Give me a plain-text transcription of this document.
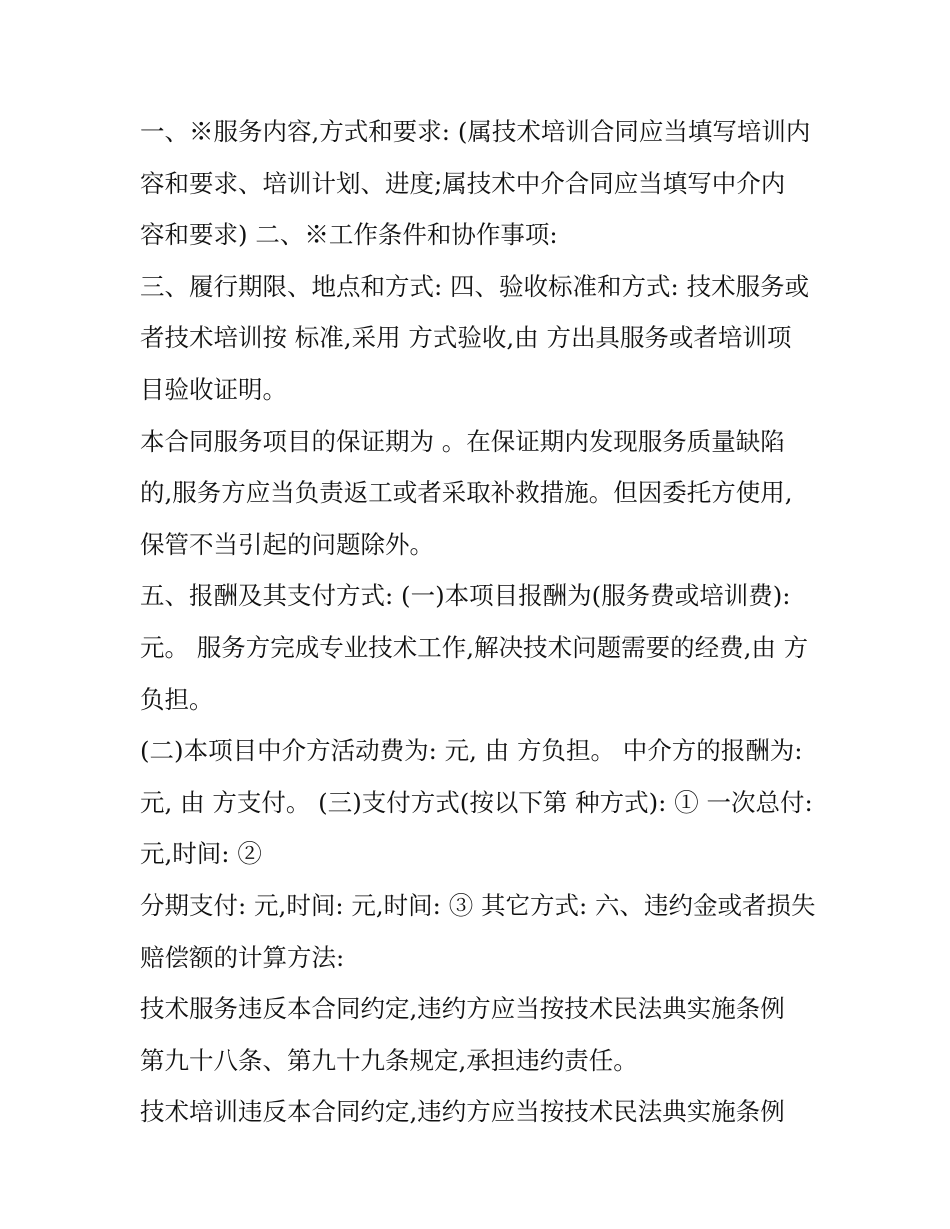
一、※服务内容,方式和要求: (属技术培训合同应当填写培训内
容和要求、培训计划、进度;属技术中介合同应当填写中介内
容和要求) 二、※工作条件和协作事项:

三、履行期限、地点和方式: 四、验收标准和方式: 技术服务或
者技术培训按 标准,采用 方式验收,由 方出具服务或者培训项
目验收证明。

本合同服务项目的保证期为 。在保证期内发现服务质量缺陷
的,服务方应当负责返工或者采取补救措施。但因委托方使用,
保管不当引起的问题除外。

五、报酬及其支付方式: (一)本项目报酬为(服务费或培训费):
元。 服务方完成专业技术工作,解决技术问题需要的经费,由 方
负担。

(二)本项目中介方活动费为: 元, 由 方负担。 中介方的报酬为:
元, 由 方支付。 (三)支付方式(按以下第 种方式): ① 一次总付:
元,时间: ②

分期支付: 元,时间: 元,时间: ③ 其它方式: 六、违约金或者损失
赔偿额的计算方法:

技术服务违反本合同约定,违约方应当按技术民法典实施条例
第九十八条、第九十九条规定,承担违约责任。

技术培训违反本合同约定,违约方应当按技术民法典实施条例
